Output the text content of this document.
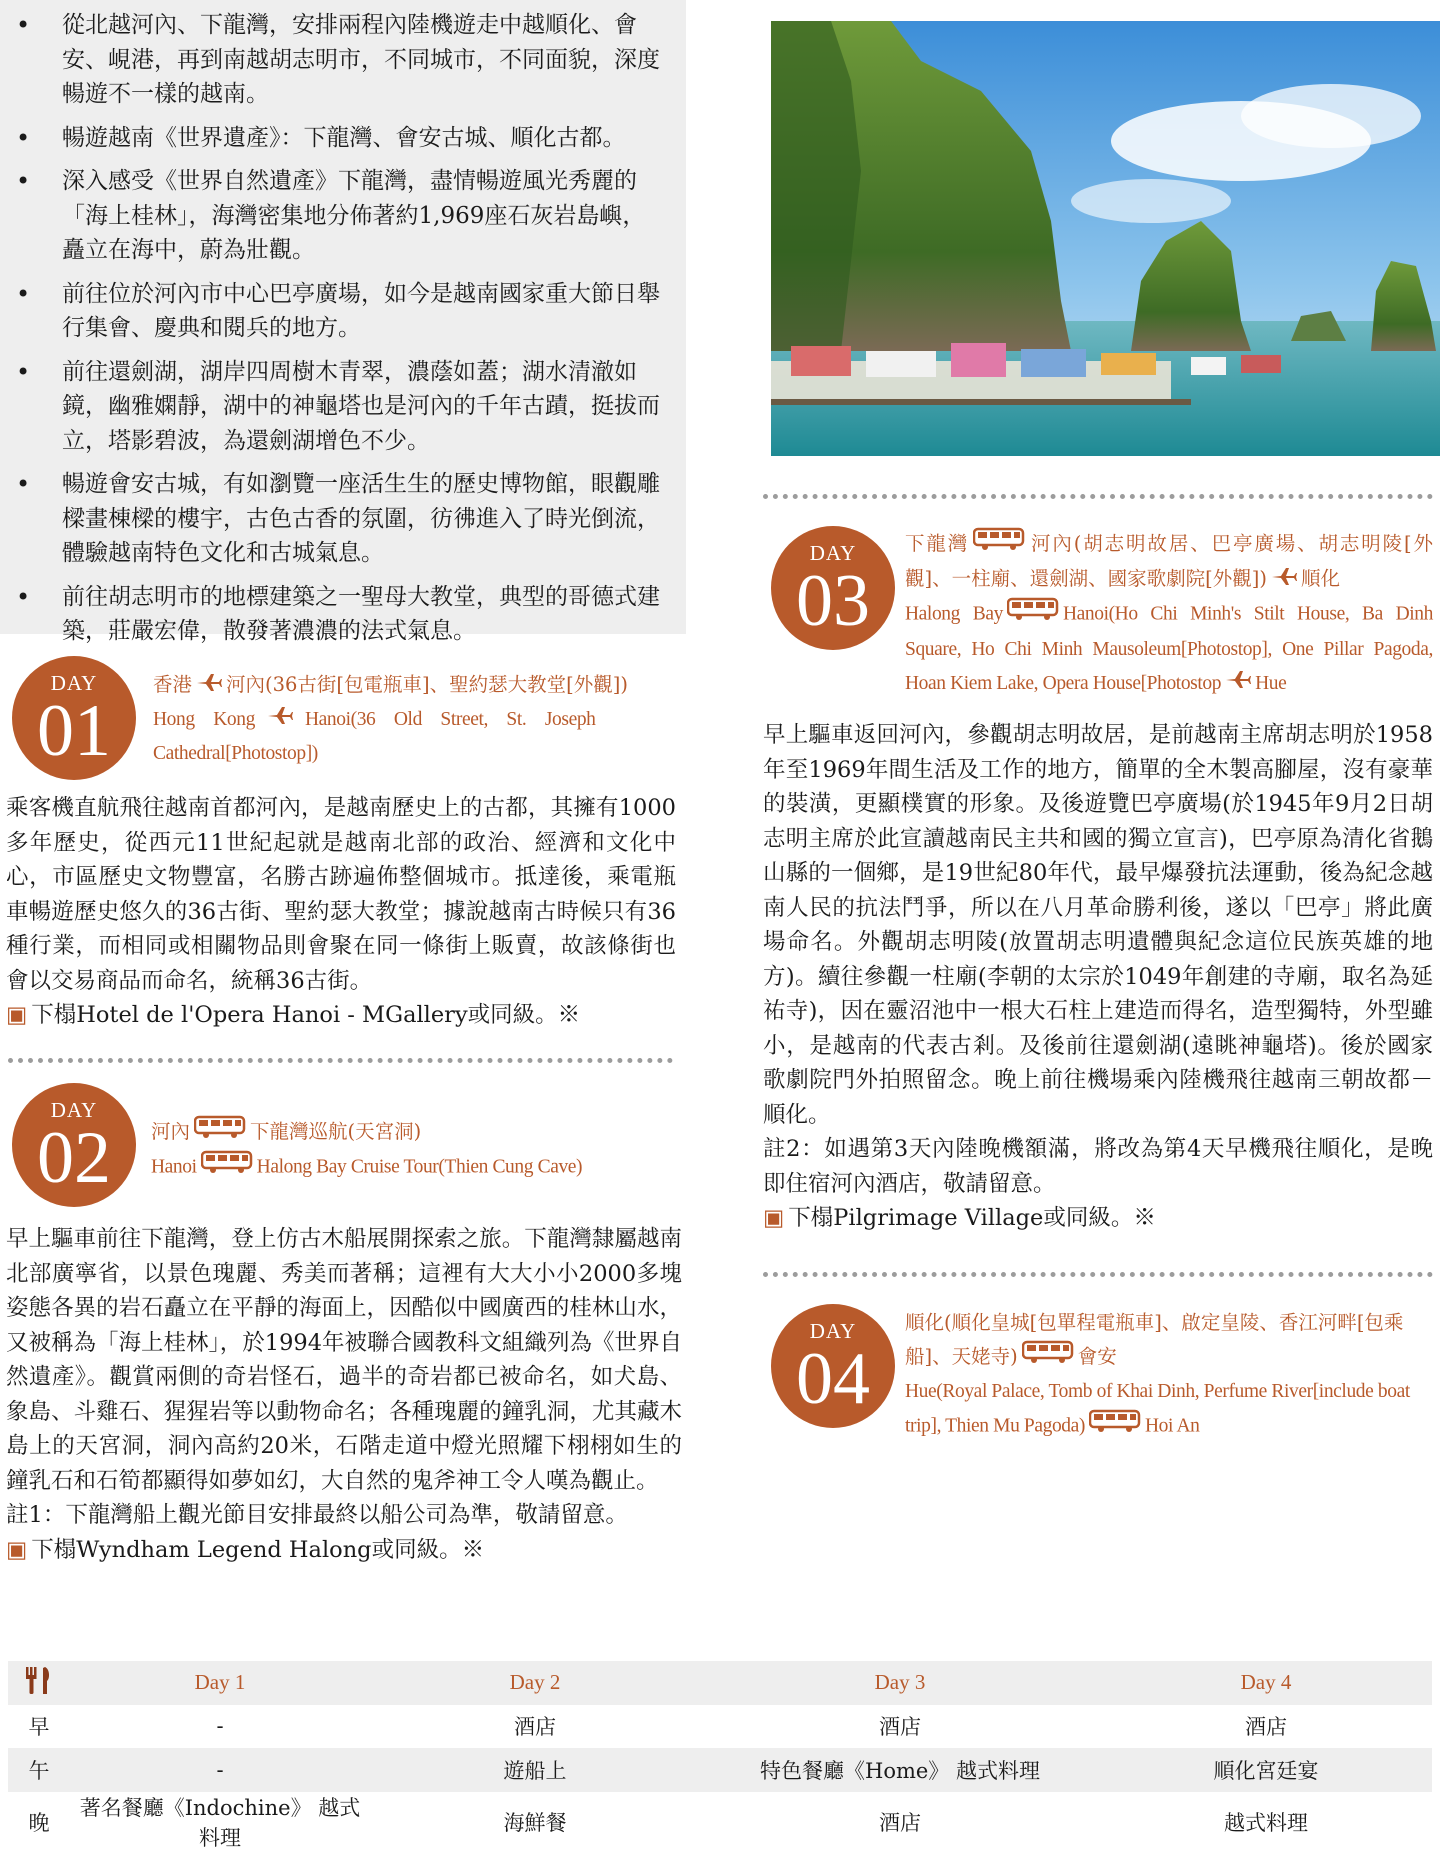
• 從北越河內、下龍灣，安排兩程內陸機遊走中越順化、會安、峴港，再到南越胡志明市，不同城市，不同面貌，深度暢遊不一樣的越南。
• 暢遊越南《世界遺產》：下龍灣、會安古城、順化古都。
• 深入感受《世界自然遺產》下龍灣，盡情暢遊風光秀麗的「海上桂林」，海灣密集地分佈著約1,969座石灰岩島嶼，矗立在海中，蔚為壯觀。
• 前往位於河內市中心巴亭廣場，如今是越南國家重大節日舉行集會、慶典和閱兵的地方。
• 前往還劍湖，湖岸四周樹木青翠，濃蔭如蓋；湖水清澈如鏡，幽雅嫻靜，湖中的神龜塔也是河內的千年古蹟，挺拔而立，塔影碧波，為還劍湖增色不少。
• 暢遊會安古城，有如瀏覽一座活生生的歷史博物館，眼觀雕樑畫棟樑的樓宇，古色古香的氛圍，彷彿進入了時光倒流，體驗越南特色文化和古城氣息。
• 前往胡志明市的地標建築之一聖母大教堂，典型的哥德式建築，莊嚴宏偉，散發著濃濃的法式氣息。
DAY
01
香港 河內(36古街[包電瓶車]、聖約瑟大教堂[外觀])
Hong Kong	Hanoi(36 Old Street, St. Joseph Cathedral[Photostop])

乘客機直航飛往越南首都河內，是越南歷史上的古都，其擁有1000多年歷史，從西元11世紀起就是越南北部的政治、經濟和文化中心，市區歷史文物豐富，名勝古跡遍佈整個城市。抵達後，乘電瓶車暢遊歷史悠久的36古街、聖約瑟大教堂；據說越南古時候只有36種行業，而相同或相關物品則會聚在同一條街上販賣，故該條街也會以交易商品而命名，統稱36古街。

▣ 下榻Hotel de l'Opera Hanoi - MGallery或同級。※

DAY
02	河內	下龍灣巡航(天宮洞)
Hanoi	Halong Bay Cruise Tour(Thien Cung Cave)

早上驅車前往下龍灣，登上仿古木船展開探索之旅。下龍灣隸屬越南北部廣寧省，以景色瑰麗、秀美而著稱；這裡有大大小小2000多塊姿態各異的岩石矗立在平靜的海面上，因酷似中國廣西的桂林山水，又被稱為「海上桂林」，於1994年被聯合國教科文組織列為《世界自然遺產》。觀賞兩側的奇岩怪石，過半的奇岩都已被命名，如犬島、象島、斗雞石、猩猩岩等以動物命名；各種瑰麗的鐘乳洞，尤其藏木島上的天宮洞，洞內高約20米，石階走道中燈光照耀下栩栩如生的鐘乳石和石筍都顯得如夢如幻，大自然的鬼斧神工令人嘆為觀止。

註1：下龍灣船上觀光節目安排最終以船公司為準，敬請留意。

▣ 下榻Wyndham Legend Halong或同級。※

DAY
03
下龍灣	河內(胡志明故居、巴亭廣場、胡志明陵[外觀]、一柱廟、還劍湖、國家歌劇院[外觀]) 順化
Halong Bay	Hanoi(Ho Chi Minh's Stilt House, Ba Dinh Square, Ho Chi Minh Mausoleum[Photostop], One Pillar Pagoda, Hoan Kiem Lake, Opera House[Photostop Hue

早上驅車返回河內，參觀胡志明故居，是前越南主席胡志明於1958年至1969年間生活及工作的地方，簡單的全木製高腳屋，沒有豪華的裝潢，更顯樸實的形象。及後遊覽巴亭廣場(於1945年9月2日胡志明主席於此宣讀越南民主共和國的獨立宣言)，巴亭原為清化省鵝山縣的一個鄉，是19世紀80年代，最早爆發抗法運動，後為紀念越南人民的抗法鬥爭，所以在八月革命勝利後，遂以「巴亭」將此廣場命名。外觀胡志明陵(放置胡志明遺體與紀念這位民族英雄的地方)。續往參觀一柱廟(李朝的太宗於1049年創建的寺廟，取名為延祐寺)，因在靈沼池中一根大石柱上建造而得名，造型獨特，外型雖小，是越南的代表古剎。及後前往還劍湖(遠眺神龜塔)。後於國家歌劇院門外拍照留念。晚上前往機場乘內陸機飛往越南三朝故都－順化。

註2：如遇第3天內陸晚機額滿，將改為第4天早機飛往順化，是晚即住宿河內酒店，敬請留意。

▣ 下榻Pilgrimage Village或同級。※

DAY
04
順化(順化皇城[包單程電瓶車]、啟定皇陵、香江河畔[包乘船]、天姥寺)	會安
Hue(Royal Palace, Tomb of Khai Dinh, Perfume River[include boat trip], Thien Mu Pagoda)	Hoi An
	Day 1	Day 2	Day 3	Day 4
早	-	酒店	酒店	酒店
午	-	遊船上	特色餐廳《Home》 越式料理	順化宮廷宴
晚	著名餐廳《Indochine》 越式料理	海鮮餐	酒店	越式料理
